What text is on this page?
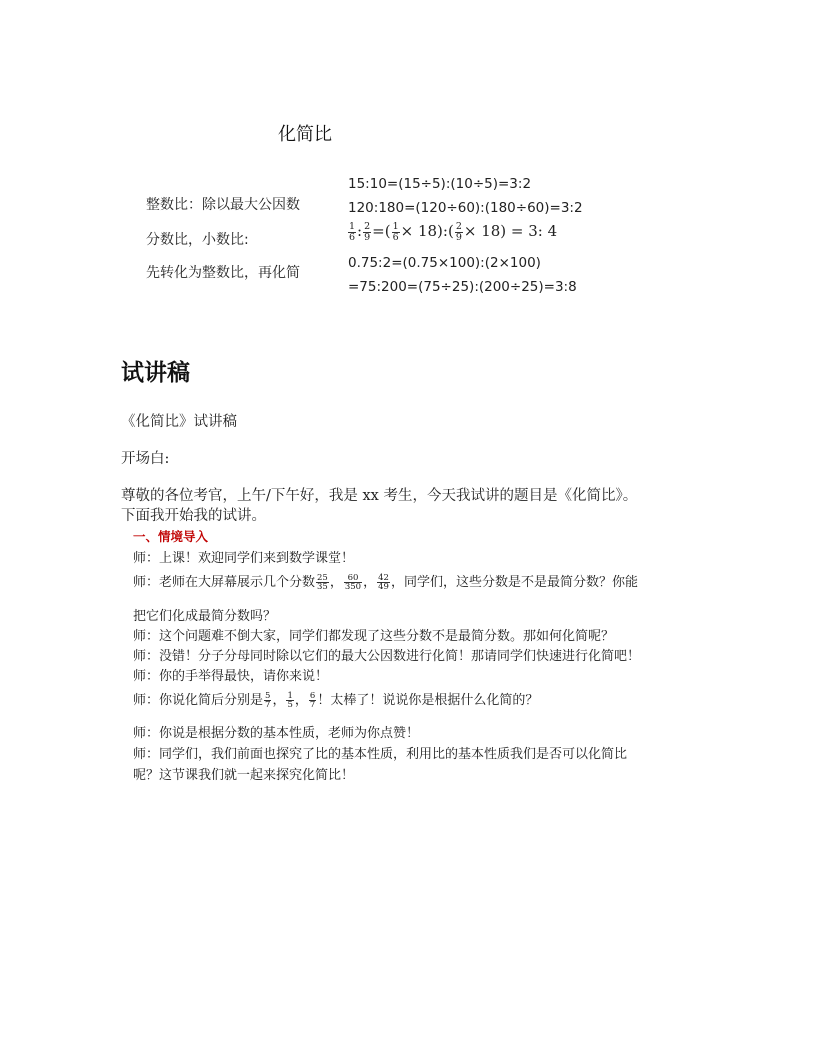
化简比
整数比：除以最大公因数
分数比，小数比:
先转化为整数比，再化简
15:10=(15÷5):(10÷5)=3:2
120:180=(120÷60):(180÷60)=3:2
$\frac{1}{6}$ : $\frac{2}{9}$ =( $\frac{1}{6}$ × 18):( $\frac{2}{9} \times 18) = 3$: 4
0.75:2=(0.75×100):(2×100)
=75:200=(75÷25):(200÷25)=3:8
试讲稿
《化简比》试讲稿
开场白:
尊敬的各位考官，上午/下午好，我是 xx 考生，今天我试讲的题目是《化简比》。
下面我开始我的试讲。
一、情境导入
师：上课！欢迎同学们来到数学课堂！
师：老师在大屏幕展示几个分数 $\frac{25}{35}$ ， $\frac{60}{350}$ ， $\frac{42}{49}$ ，同学们，这些分数是不是最简分数？你能
把它们化成最简分数吗？
师：这个问题难不倒大家，同学们都发现了这些分数不是最简分数。那如何化简呢？
师：没错！分子分母同时除以它们的最大公因数进行化简！那请同学们快速进行化简吧！
师：你的手举得最快，请你来说！
师：你说化简后分别是 $\frac{5}{7}$ ， $\frac{1}{5}$ ， $\frac{6}{7}$ ！太棒了！说说你是根据什么化简的？
师：你说是根据分数的基本性质，老师为你点赞！
师：同学们，我们前面也探究了比的基本性质，利用比的基本性质我们是否可以化简比
呢？这节课我们就一起来探究化简比！
